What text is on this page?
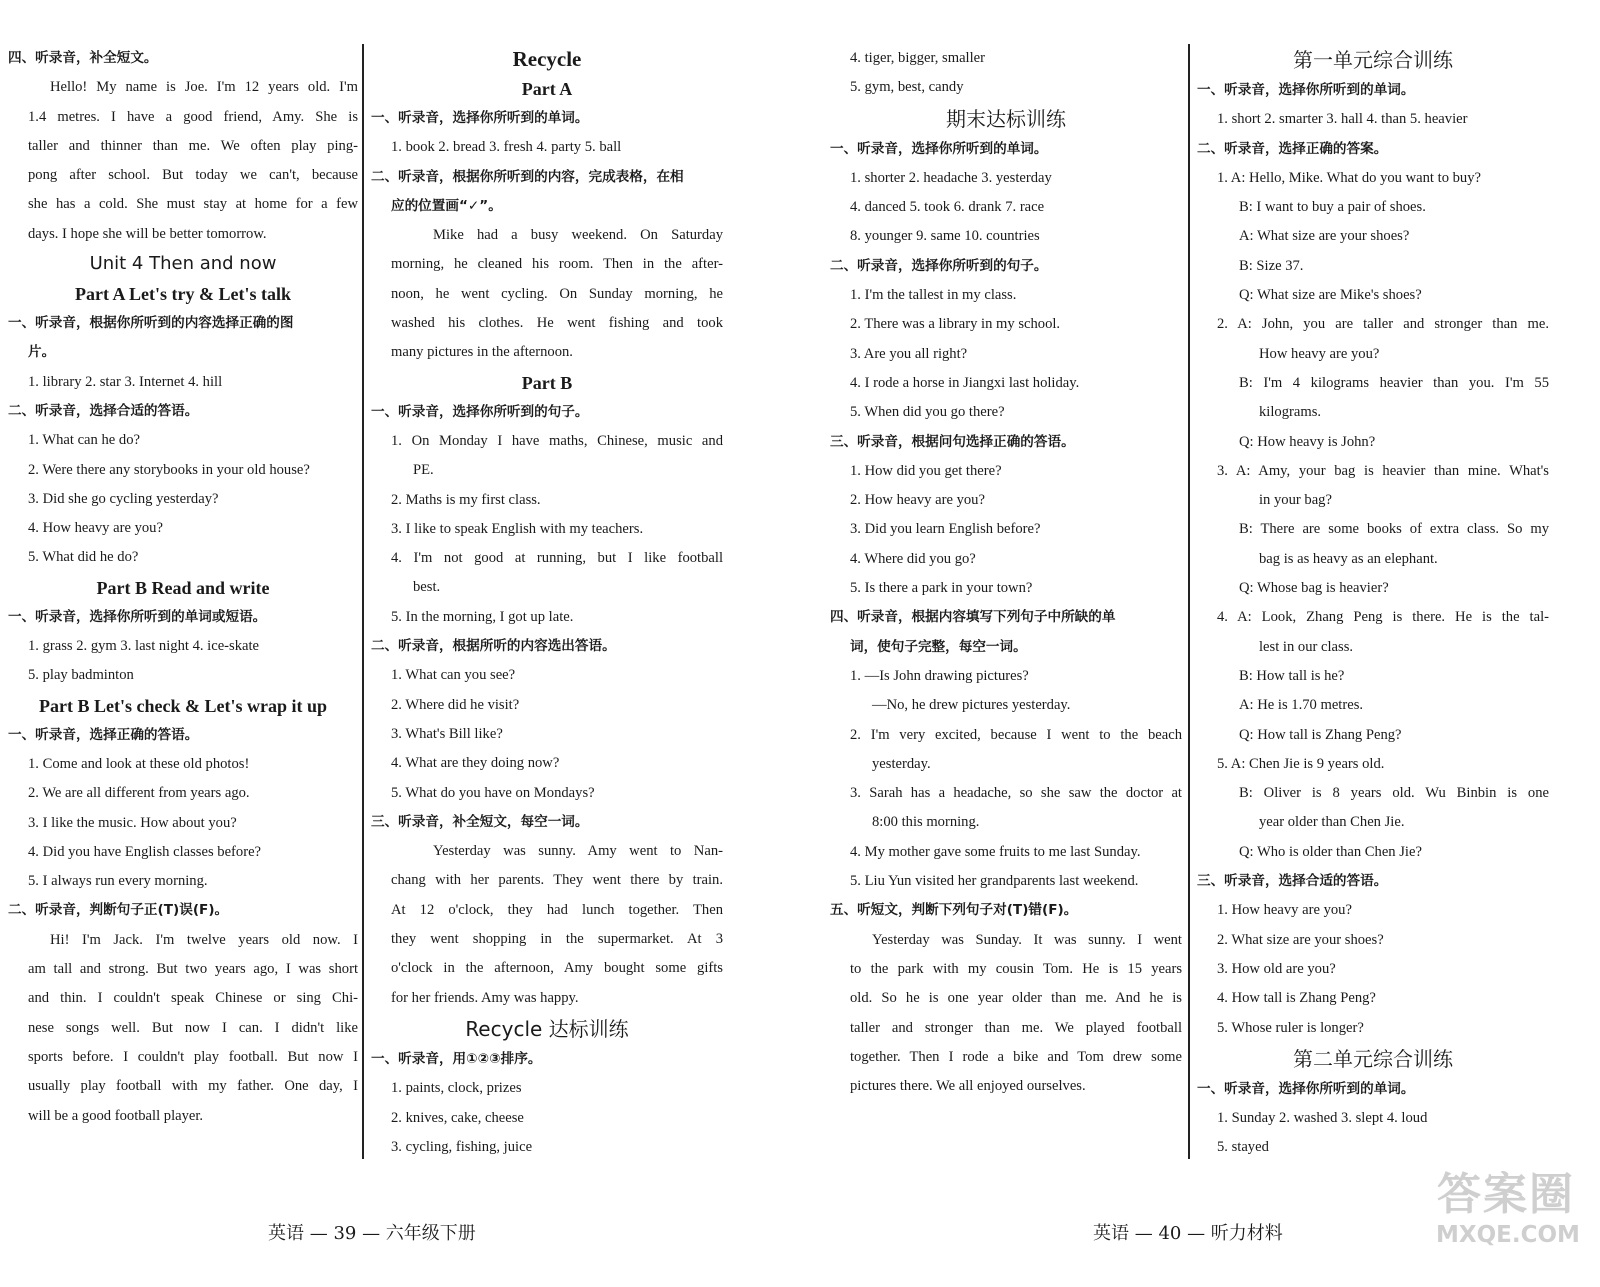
四、听录音，补全短文。
Hello! My name is Joe. I'm 12 years old. I'm
1.4 metres. I have a good friend, Amy. She is
taller and thinner than me. We often play ping-
pong after school. But today we can't, because
she has a cold. She must stay at home for a few
days. I hope she will be better tomorrow.
Unit 4 Then and now
Part A Let's try & Let's talk
一、听录音，根据你所听到的内容选择正确的图
片。
1. library 2. star 3. Internet 4. hill
二、听录音，选择合适的答语。
1. What can he do?
2. Were there any storybooks in your old house?
3. Did she go cycling yesterday?
4. How heavy are you?
5. What did he do?
Part B Read and write
一、听录音，选择你所听到的单词或短语。
1. grass 2. gym 3. last night 4. ice-skate
5. play badminton
Part B Let's check & Let's wrap it up
一、听录音，选择正确的答语。
1. Come and look at these old photos!
2. We are all different from years ago.
3. I like the music. How about you?
4. Did you have English classes before?
5. I always run every morning.
二、听录音，判断句子正(T)误(F)。
Hi! I'm Jack. I'm twelve years old now. I
am tall and strong. But two years ago, I was short
and thin. I couldn't speak Chinese or sing Chi-
nese songs well. But now I can. I didn't like
sports before. I couldn't play football. But now I
usually play football with my father. One day, I
will be a good football player.
Recycle
Part A
一、听录音，选择你所听到的单词。
1. book 2. bread 3. fresh 4. party 5. ball
二、听录音，根据你所听到的内容，完成表格，在相
应的位置画“✓”。
Mike had a busy weekend. On Saturday
morning, he cleaned his room. Then in the after-
noon, he went cycling. On Sunday morning, he
washed his clothes. He went fishing and took
many pictures in the afternoon.
Part B
一、听录音，选择你所听到的句子。
1. On Monday I have maths, Chinese, music and
PE.
2. Maths is my first class.
3. I like to speak English with my teachers.
4. I'm not good at running, but I like football
best.
5. In the morning, I got up late.
二、听录音，根据所听的内容选出答语。
1. What can you see?
2. Where did he visit?
3. What's Bill like?
4. What are they doing now?
5. What do you have on Mondays?
三、听录音，补全短文，每空一词。
Yesterday was sunny. Amy went to Nan-
chang with her parents. They went there by train.
At 12 o'clock, they had lunch together. Then
they went shopping in the supermarket. At 3
o'clock in the afternoon, Amy bought some gifts
for her friends. Amy was happy.
Recycle 达标训练
一、听录音，用①②③排序。
1. paints, clock, prizes
2. knives, cake, cheese
3. cycling, fishing, juice
4. tiger, bigger, smaller
5. gym, best, candy
期末达标训练
一、听录音，选择你所听到的单词。
1. shorter 2. headache 3. yesterday
4. danced 5. took 6. drank 7. race
8. younger 9. same 10. countries
二、听录音，选择你所听到的句子。
1. I'm the tallest in my class.
2. There was a library in my school.
3. Are you all right?
4. I rode a horse in Jiangxi last holiday.
5. When did you go there?
三、听录音，根据问句选择正确的答语。
1. How did you get there?
2. How heavy are you?
3. Did you learn English before?
4. Where did you go?
5. Is there a park in your town?
四、听录音，根据内容填写下列句子中所缺的单
词，使句子完整，每空一词。
1. —Is John drawing pictures?
—No, he drew pictures yesterday.
2. I'm very excited, because I went to the beach
yesterday.
3. Sarah has a headache, so she saw the doctor at
8:00 this morning.
4. My mother gave some fruits to me last Sunday.
5. Liu Yun visited her grandparents last weekend.
五、听短文，判断下列句子对(T)错(F)。
Yesterday was Sunday. It was sunny. I went
to the park with my cousin Tom. He is 15 years
old. So he is one year older than me. And he is
taller and stronger than me. We played football
together. Then I rode a bike and Tom drew some
pictures there. We all enjoyed ourselves.
第一单元综合训练
一、听录音，选择你所听到的单词。
1. short 2. smarter 3. hall 4. than 5. heavier
二、听录音，选择正确的答案。
1. A: Hello, Mike. What do you want to buy?
B: I want to buy a pair of shoes.
A: What size are your shoes?
B: Size 37.
Q: What size are Mike's shoes?
2. A: John, you are taller and stronger than me.
How heavy are you?
B: I'm 4 kilograms heavier than you. I'm 55
kilograms.
Q: How heavy is John?
3. A: Amy, your bag is heavier than mine. What's
in your bag?
B: There are some books of extra class. So my
bag is as heavy as an elephant.
Q: Whose bag is heavier?
4. A: Look, Zhang Peng is there. He is the tal-
lest in our class.
B: How tall is he?
A: He is 1.70 metres.
Q: How tall is Zhang Peng?
5. A: Chen Jie is 9 years old.
B: Oliver is 8 years old. Wu Binbin is one
year older than Chen Jie.
Q: Who is older than Chen Jie?
三、听录音，选择合适的答语。
1. How heavy are you?
2. What size are your shoes?
3. How old are you?
4. How tall is Zhang Peng?
5. Whose ruler is longer?
第二单元综合训练
一、听录音，选择你所听到的单词。
1. Sunday 2. washed 3. slept 4. loud
5. stayed
英语 — 39 — 六年级下册	英语 — 40 — 听力材料
答案圈
MXQE.COM
